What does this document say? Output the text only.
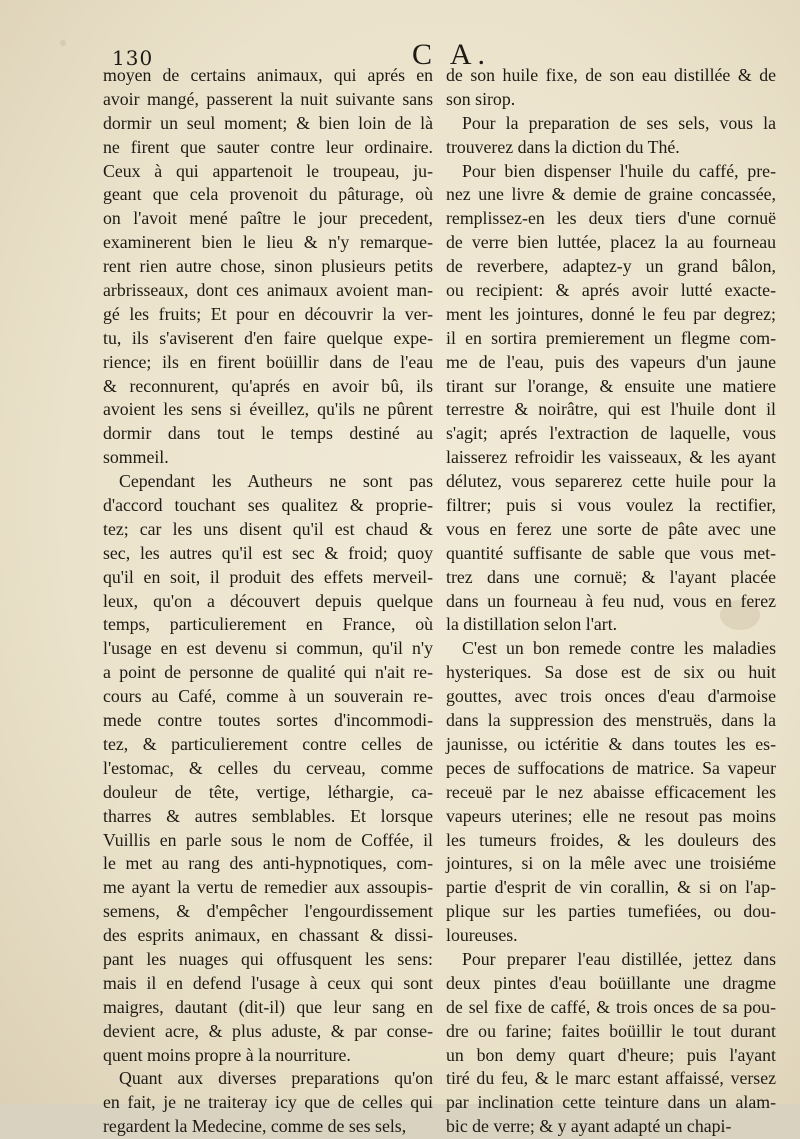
130	C A.
moyen de certains animaux, qui aprés en
avoir mangé, passerent la nuit suivante sans
dormir un seul moment; & bien loin de là
ne firent que sauter contre leur ordinaire.
Ceux à qui appartenoit le troupeau, ju-
geant que cela provenoit du pâturage, où
on l'avoit mené paître le jour precedent,
examinerent bien le lieu & n'y remarque-
rent rien autre chose, sinon plusieurs petits
arbrisseaux, dont ces animaux avoient man-
gé les fruits; Et pour en découvrir la ver-
tu, ils s'aviserent d'en faire quelque expe-
rience; ils en firent boüillir dans de l'eau
& reconnurent, qu'aprés en avoir bû, ils
avoient les sens si éveillez, qu'ils ne pûrent
dormir dans tout le temps destiné au
sommeil.
Cependant les Autheurs ne sont pas
d'accord touchant ses qualitez & proprie-
tez; car les uns disent qu'il est chaud &
sec, les autres qu'il est sec & froid; quoy
qu'il en soit, il produit des effets merveil-
leux, qu'on a découvert depuis quelque
temps, particulierement en France, où
l'usage en est devenu si commun, qu'il n'y
a point de personne de qualité qui n'ait re-
cours au Café, comme à un souverain re-
mede contre toutes sortes d'incommodi-
tez, & particulierement contre celles de
l'estomac, & celles du cerveau, comme
douleur de tête, vertige, léthargie, ca-
tharres & autres semblables. Et lorsque
Vuillis en parle sous le nom de Coffée, il
le met au rang des anti-hypnotiques, com-
me ayant la vertu de remedier aux assoupis-
semens, & d'empêcher l'engourdissement
des esprits animaux, en chassant & dissi-
pant les nuages qui offusquent les sens:
mais il en defend l'usage à ceux qui sont
maigres, dautant (dit-il) que leur sang en
devient acre, & plus aduste, & par conse-
quent moins propre à la nourriture.
Quant aux diverses preparations qu'on
en fait, je ne traiteray icy que de celles qui
regardent la Medecine, comme de ses sels,
de son huile fixe, de son eau distillée & de
son sirop.
Pour la preparation de ses sels, vous la
trouverez dans la diction du Thé.
Pour bien dispenser l'huile du caffé, pre-
nez une livre & demie de graine concassée,
remplissez-en les deux tiers d'une cornuë
de verre bien luttée, placez la au fourneau
de reverbere, adaptez-y un grand bâlon,
ou recipient: & aprés avoir lutté exacte-
ment les jointures, donné le feu par degrez;
il en sortira premierement un flegme com-
me de l'eau, puis des vapeurs d'un jaune
tirant sur l'orange, & ensuite une matiere
terrestre & noirâtre, qui est l'huile dont il
s'agit; aprés l'extraction de laquelle, vous
laisserez refroidir les vaisseaux, & les ayant
délutez, vous separerez cette huile pour la
filtrer; puis si vous voulez la rectifier,
vous en ferez une sorte de pâte avec une
quantité suffisante de sable que vous met-
trez dans une cornuë; & l'ayant placée
dans un fourneau à feu nud, vous en ferez
la distillation selon l'art.
C'est un bon remede contre les maladies
hysteriques. Sa dose est de six ou huit
gouttes, avec trois onces d'eau d'armoise
dans la suppression des menstruës, dans la
jaunisse, ou ictéritie & dans toutes les es-
peces de suffocations de matrice. Sa vapeur
receuë par le nez abaisse efficacement les
vapeurs uterines; elle ne resout pas moins
les tumeurs froides, & les douleurs des
jointures, si on la mêle avec une troisiéme
partie d'esprit de vin corallin, & si on l'ap-
plique sur les parties tumefiées, ou dou-
loureuses.
Pour preparer l'eau distillée, jettez dans
deux pintes d'eau boüillante une dragme
de sel fixe de caffé, & trois onces de sa pou-
dre ou farine; faites boüillir le tout durant
un bon demy quart d'heure; puis l'ayant
tiré du feu, & le marc estant affaissé, versez
par inclination cette teinture dans un alam-
bic de verre; & y ayant adapté un chapi-
